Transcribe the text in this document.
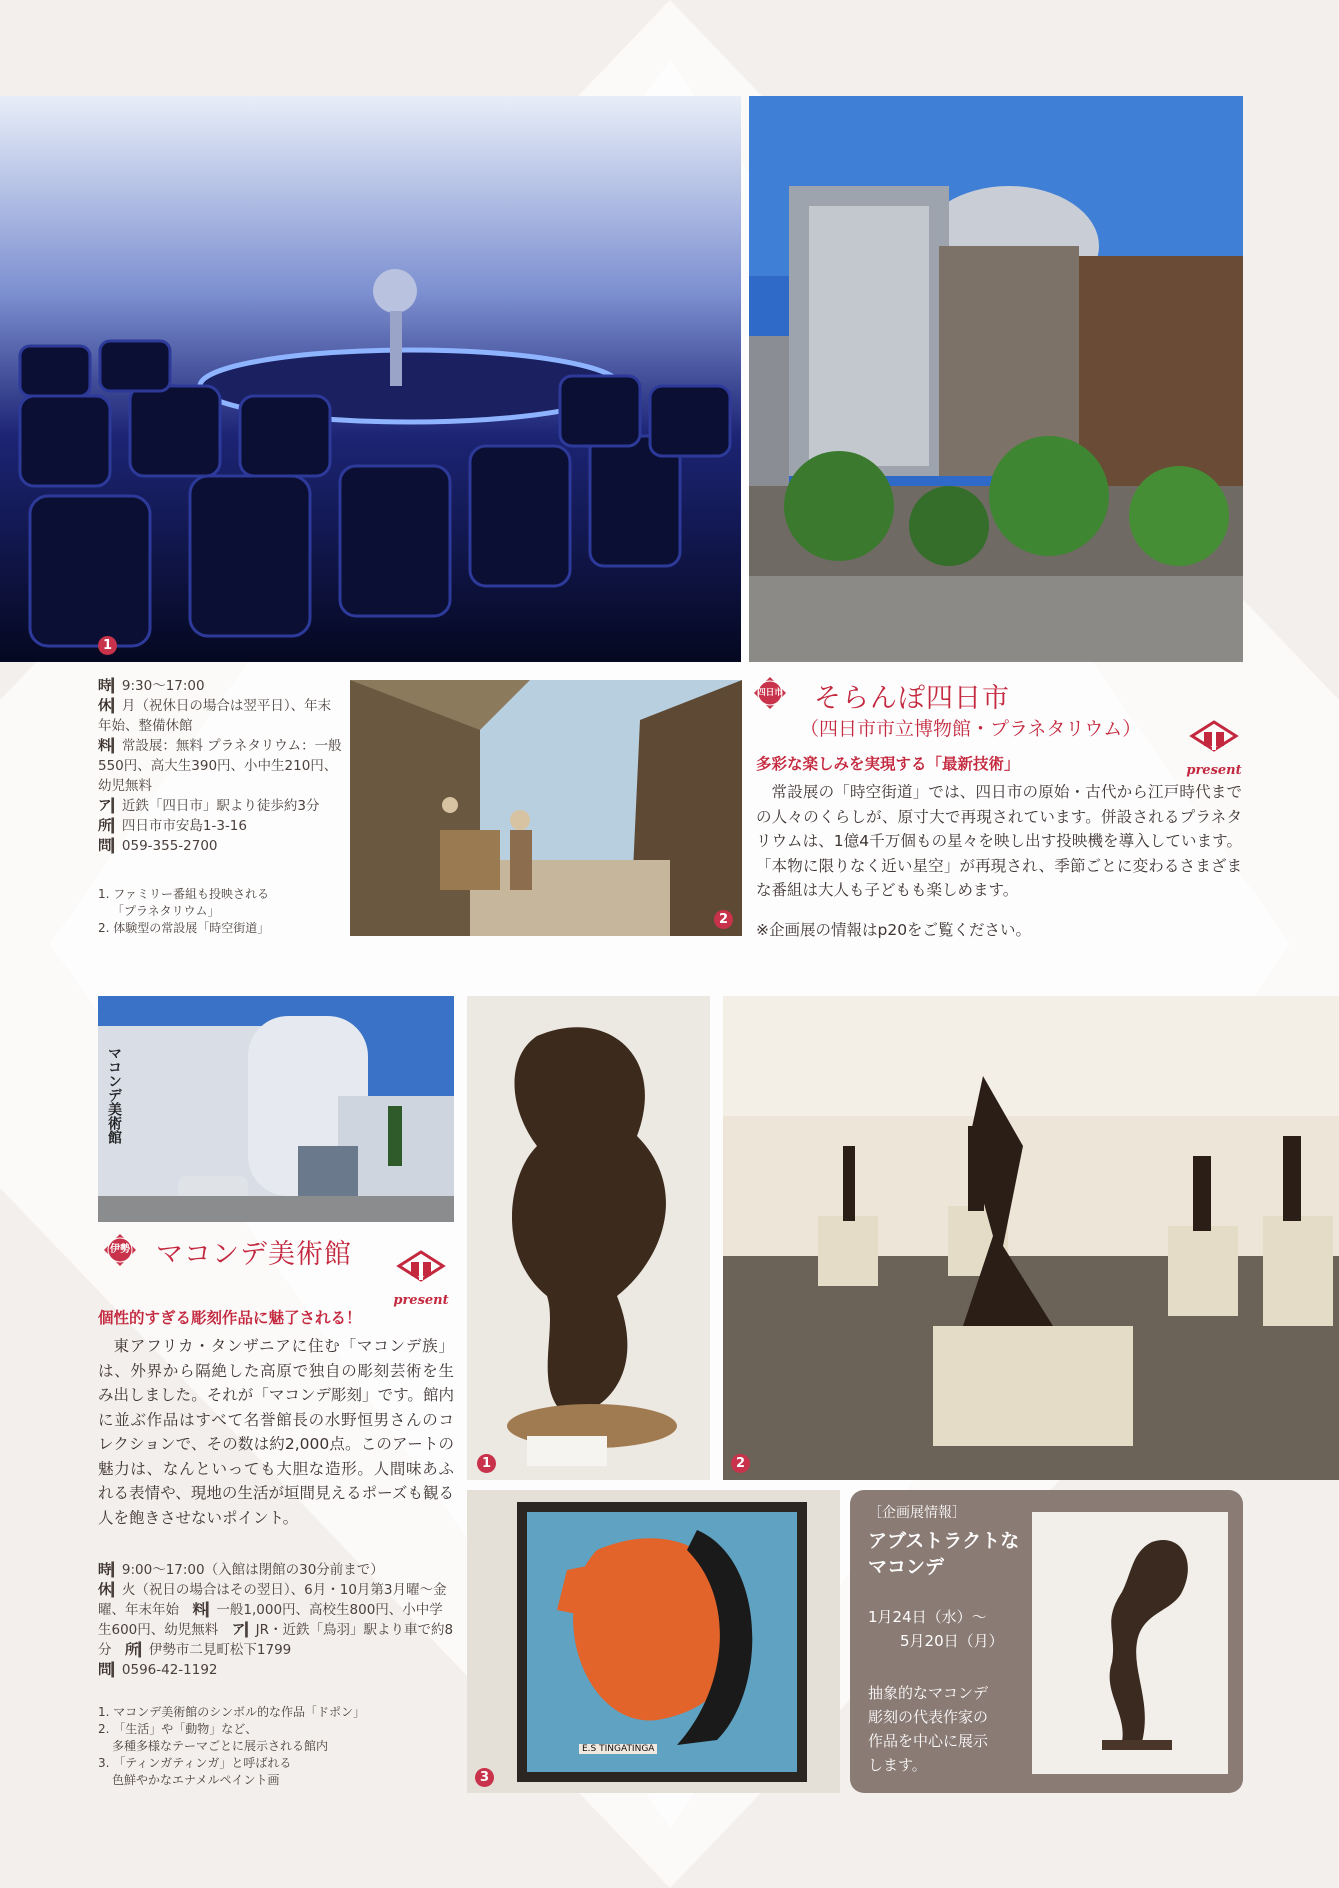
1
2
時▎9:30〜17:00
休▎月（祝休日の場合は翌平日）、年末年始、整備休館
料▎常設展：無料 プラネタリウム：一般550円、高大生390円、小中生210円、幼児無料
ア▎近鉄「四日市」駅より徒歩約3分
所▎四日市市安島1-3-16
問▎059-355-2700
1. ファミリー番組も投映される
「プラネタリウム」
2. 体験型の常設展「時空街道」
四日市 そらんぽ四日市
（四日市市立博物館・プラネタリウム）
present
多彩な楽しみを実現する「最新技術」
常設展の「時空街道」では、四日市の原始・古代から江戸時代までの人々のくらしが、原寸大で再現されています。併設されるプラネタリウムは、1億4千万個もの星々を映し出す投映機を導入しています。「本物に限りなく近い星空」が再現され、季節ごとに変わるさまざまな番組は大人も子どもも楽しめます。
※企画展の情報はp20をご覧ください。
マコンデ美術館
1	2
E.S TINGATINGA
3
伊勢 マコンデ美術館
present
個性的すぎる彫刻作品に魅了される！
東アフリカ・タンザニアに住む「マコンデ族」は、外界から隔絶した高原で独自の彫刻芸術を生み出しました。それが「マコンデ彫刻」です。館内に並ぶ作品はすべて名誉館長の水野恒男さんのコレクションで、その数は約2,000点。このアートの魅力は、なんといっても大胆な造形。人間味あふれる表情や、現地の生活が垣間見えるポーズも観る人を飽きさせないポイント。
時▎9:00〜17:00（入館は閉館の30分前まで）
休▎火（祝日の場合はその翌日）、6月・10月第3月曜〜金曜、年末年始　 料▎一般1,000円、高校生800円、小中学生600円、幼児無料　 ア▎JR・近鉄「鳥羽」駅より車で約8分　 所▎伊勢市二見町松下1799
問▎0596-42-1192
1. マコンデ美術館のシンボル的な作品「ドポン」
2. 「生活」や「動物」など、
多種多様なテーマごとに展示される館内
3. 「ティンガティンガ」と呼ばれる
色鮮やかなエナメルペイント画
［企画展情報］
アブストラクトな
マコンデ
1月24日（水）〜
5月20日（月）
抽象的なマコンデ
彫刻の代表作家の
作品を中心に展示
します。
